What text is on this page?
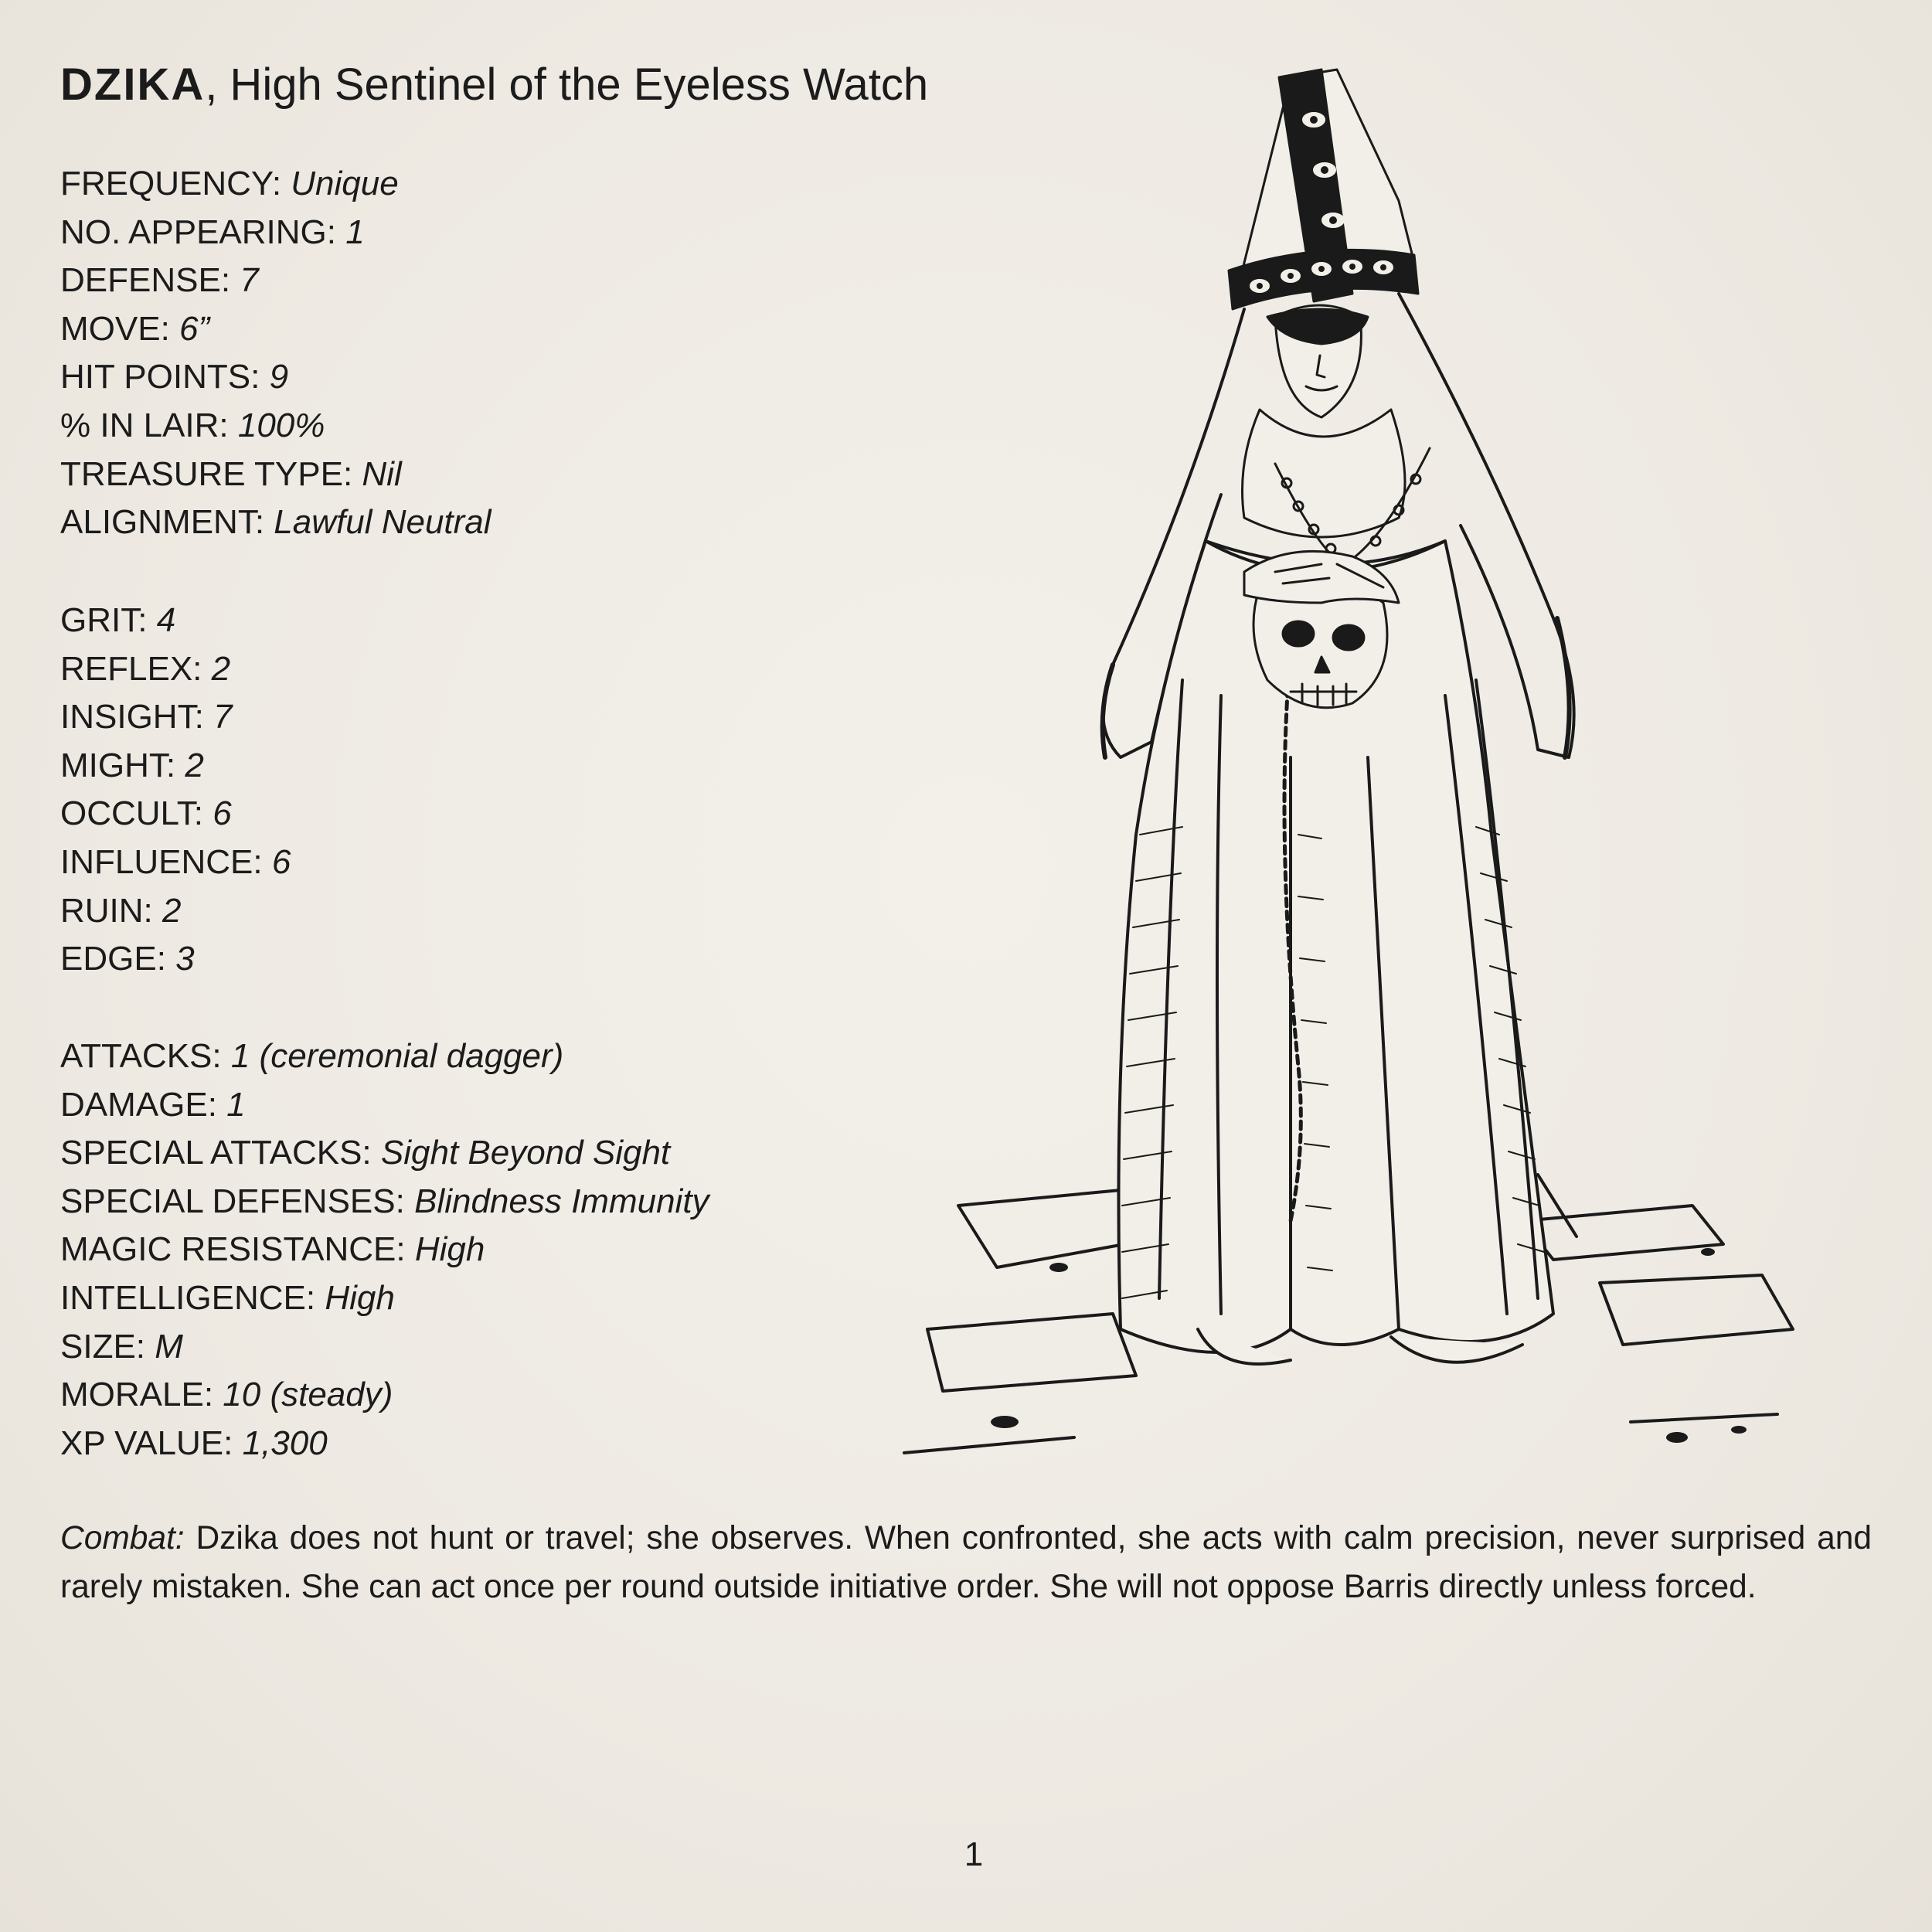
DZIKA, High Sentinel of the Eyeless Watch
FREQUENCY: Unique
NO. APPEARING: 1
DEFENSE: 7
MOVE: 6”
HIT POINTS: 9
% IN LAIR: 100%
TREASURE TYPE: Nil
ALIGNMENT: Lawful Neutral
GRIT: 4
REFLEX: 2
INSIGHT: 7
MIGHT: 2
OCCULT: 6
INFLUENCE: 6
RUIN: 2
EDGE: 3
ATTACKS: 1 (ceremonial dagger)
DAMAGE: 1
SPECIAL ATTACKS: Sight Beyond Sight
SPECIAL DEFENSES: Blindness Immunity
MAGIC RESISTANCE: High
INTELLIGENCE: High
SIZE: M
MORALE: 10 (steady)
XP VALUE: 1,300
Combat: Dzika does not hunt or travel; she observes. When confronted, she acts with calm precision, never surprised and rarely mistaken. She can act once per round outside initiative order. She will not oppose Barris directly unless forced.
1
